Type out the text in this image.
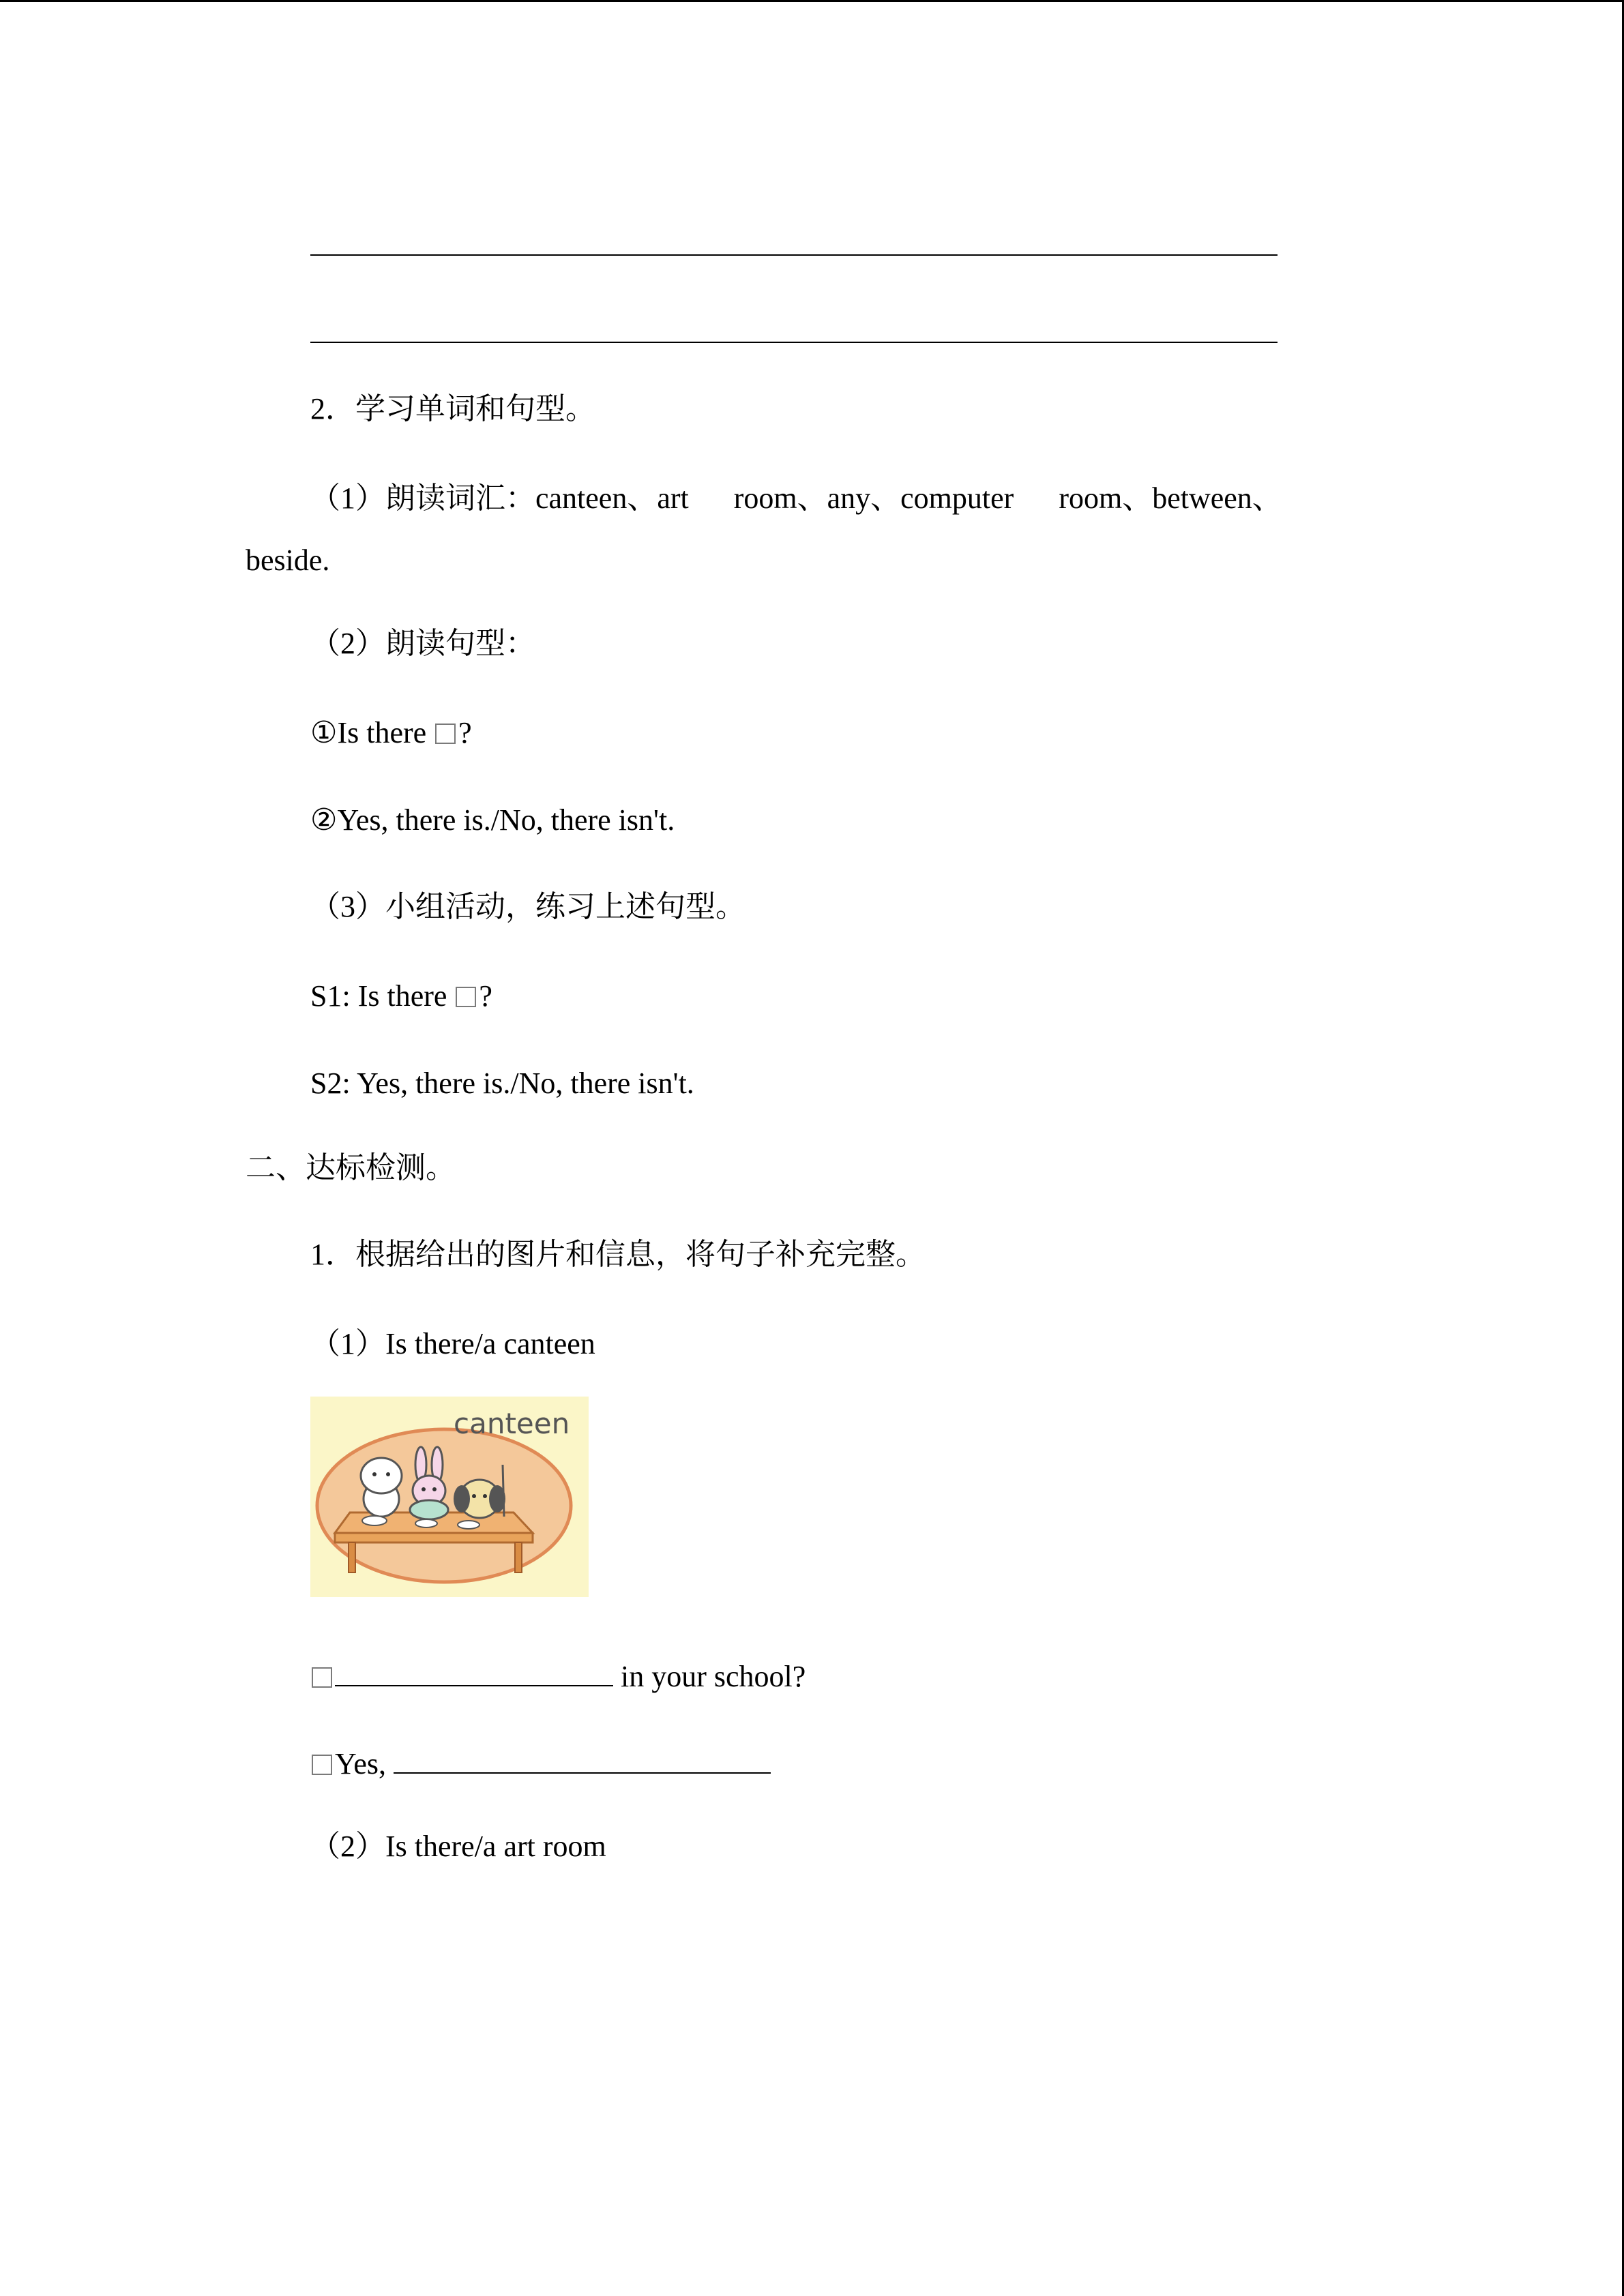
2．学习单词和句型。
（1）朗读词汇：canteen、art      room、any、computer      room、between、
beside.
（2）朗读句型：
①Is there ?
②Yes, there is./No, there isn't.
（3）小组活动，练习上述句型。
S1: Is there ?
S2: Yes, there is./No, there isn't.
二、达标检测。
1．根据给出的图片和信息，将句子补充完整。
（1）Is there/a canteen
canteen
in your school?
Yes,
（2）Is there/a art room
